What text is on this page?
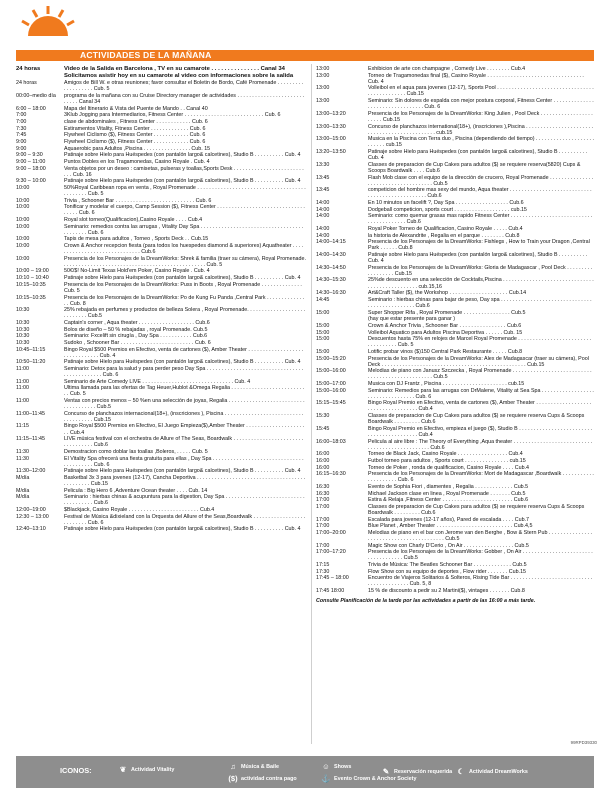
ACTIVIDADES DE LA MAÑANA
24 horas	Video de la Salida en Barcelona , TV en su camarote . . . . . . . . . . . . . . . Canal 34
Solicitamos asistir hoy en su camarote al video con informaciones sobre la salida
24 horas	Amigos de Bill W. e otras reuniones; favor consultar el Boletin de Bordo, Café Promenade . . . . . . . . . . . . . . . . . . . Cub. 5
00:00–medio día	programa de la mañana con su Cruise Directory manager de actividades . . . . . . . . . . . . . . . . . . . . . . . . . . . . Canal 34
6:00 – 18:00	Mapa del Itinerario & Vista del Puente de Mando . . Canal 40
7:00	3Klub Jogging para Intermediarios, Fitness Center . . . . . . . . . . . . . . . . . . . . . . . . . . . Cub. 6
7:00	clase de abdominales , Fitness Center . . . . . . . . . . . . Cub. 6
7:30	Estiramentos Vitality, Fitness Center . . . . . . . . . . . . . Cub. 6
7:45	Flywheel Ciclismo ($), Fitness Center . . . . . . . . . . . . Cub. 6
9:00	Flywheel Ciclismo ($), Fitness Center . . . . . . . . . . . . Cub. 6
9:00	Aquaerobic para Adultos ,Piscina . . . . . . . . . . . . . . . . Cub. 15
9:00 – 9:30	Patinaje sobre Hielo para Huéspedes (con pantalón largo& calcetines), Studio B . . . . . . . . . . Cub. 4
9:00 – 11:00	Puntos Dobles en los Tragamonedas, Casino Royale . Cub. 4
9:00 – 18:00	Venta objetos por un deseo : camisetas, pulseras y toallas,Sports Desk . . . . . . . . . . . . . . . . . . . . . . . . . . . Cub. 16
9:30 – 10:00	Patinaje sobre Hielo para Huéspedes (con pantalón largo& calcetines), Studio B . . . . . . . . . . Cub. 4
10:00	50%Royal Caribbean ropa en venta , Royal Promenade . . . . . . . . . . . . . . . . . . . . . . . . . . . . . . . . . . . . . . . . . . . . . Cub. 5
10:00	Trivia , Schooner Bar . . . . . . . . . . . . . . . . . . . . . . . . . . . Cub. 6
10:00	Tonificar y modelar el cuerpo, Camp Session ($), Fitness Center . . . . . . . . . . . . . . . . . . . . . . . . . . . . . . . . . . . Cub. 6
10:00	Royal slot torneo(Qualificacion),Casino Royale . . . . Cub.4
10:00	Seminario: remedios contra las arrugas , Vitality Day Spa . . . . . . . . . . . . . . . . . . . . . . . . . . . . . . . . . . . . . . . . . . . Cub. 6
10:00	Tapis de mesa para adultos , Torneo , Sports Deck . . Cub.15
10:00	Crown & Anchor recepcion fiesta (para todos los huespedes diamond & superiores) Aquatheater . . . . . . . . . . . . . . . . . . . . . . . . . . . . . . Cub.6
10:00	Presencia de los Personajes de la DreamWorks: Shrek & familia (traer su cámera), Royal Promenade. . . . . . . . . . . . . . . . . . . . . . . . . . . . . . . . . . . . . . . . . . . . . . . . . Cub. 5
10:00 – 19:00	50€/$! No-Limit Texas Hold'em Poker, Casino Royale . Cub. 4
10:10 – 10:40	Patinaje sobre Hielo para Huéspedes (con pantalón largo& calcetines), Studio B . . . . . . . . . . Cub. 4
10:15–10:35	Presencia de los Personajes de la DreamWorks: Puss in Boots , Royal Promenade . . . . . . . . . . . . . . Cub. 5
10:15–10:35	Presencia de los Personajes de la DreamWorks: Po de Kung Fu Panda ,Central Park . . . . . . . . . . . . . . . Cub. 8
10:30	25% rebajada en perfumes y productos de belleza Solera , Royal Promenade. . . . . . . . . . . . . . . . . . . . . . . . . . . . Cub.5
10:30	Captain's corner , Aqua theater . . . . . . . . . . . . . . . . . . . Cub.6
10:30	Bolos de diseño – 50 % rebajadas , royal Promenade. Cub.5
10:30	Seminario: Fxcelift sin cirugía , Day Spa . . . . . . . . . . . Cub.6
10:30	Sudoko , Schooner Bar . . . . . . . . . . . . . . . . . . . . . . . . . Cub. 6
10:45–11:15	Bingo Royal $500 Premios en Efectivo, venta de cartones ($), Amber Theater . . . . . . . . . . . . . . . . . . . . . . . . . . . . . . . Cub. 4
10:50–11:20	Patinaje sobre Hielo para Huéspedes (con pantalón largo& calcetines), Studio B . . . . . . . . . . Cub. 4
11:00	Seminario: Detox para la salud y para perder peso Day Spa . . . . . . . . . . . . . . . . . . . . . . . . . . . . . . . . . . . . . . . . . . . . . . Cub. 6
11:00	Seminario de Arte Comedy LIVE . . . . . . . . . . . . . . . . . . . . . . . . . . . . . . . Cub. 4
11:00	Ultima llamada para las ofertas de Tag Heuer,Hublot &Omega Regalia . . . . . . . . . . . . . . . . . . . . . . . . . . . Cub. 5
11:00	Ventas con precios menos – 50 %en una selección de joyas, Regalia . . . . . . . . . . . . . . . . . . . . . . . . . . . . . . . . . . . . . Cub.5
11:00–11:45	Concurso de planchazos internacional(18+), (inscriciones ), Piscina . . . . . . . . . . . . . . . . . . . . . . . . . . . . . . . . . . . . . Cub.15
11:15	Bingo Royal $500 Premios en Efectivo, El Juego Empieza($),Amber Theater . . . . . . . . . . . . . . . . . . . . . . Cub.4
11:15–11:45	LIVE música festival con el orchestra de Allure of The Seas, Boardwalk . . . . . . . . . . . . . . . . . . . . . . . . . . . . . . . . . . Cub.6
11:30	Demostracion como doblar las toallas ,Boleros, . . . . . Cub. 5
11:30	El Vitality Spa ofrecerá una fiesta gratuita para ellas , Day Spa . . . . . . . . . . . . . . . . . . . . . . . . . . . . . . . . . . . . . . . . . Cub. 6
11:30–12:00	Patinaje sobre Hielo para Huéspedes (con pantalón largo& calcetines), Studio B . . . . . . . . . . Cub. 4
M/día	Basketbal 3x 3 para jovenes (12-17), Cancha Deportiva . . . . . . . . . . . . . . . . . . . . . . . . . . . . . . . . . . . . . . . . . . . . . . Cub.15
M/día	Pelicula : Big Hero 6 ,Adventure Ocean theater . . . . Cub. 14
M/día	Seminario : hierbas chinas & acupuntura para la digestion, Day Spa . . . . . . . . . . . . . . . . . . . . . . . . . . . . . . . . . . . . . Cub.6
12:00–19:00	$Blackjack, Casino Royale . . . . . . . . . . . . . . . . . . . . . . . . Cub.4
12:30 – 13:00	Festival de Música &dixieland con la Orquesta del Allure of the Seas,Boardwalk . . . . . . . . . . . . . . . . . . . . . . . . . . Cub. 6
12:40–13:10	Patinaje sobre Hielo para Huéspedes (con pantalón largo& calcetines), Studio B . . . . . . . . . . Cub. 4
13:00	Exhibicion de arte con champagne , Comedy Live . . . . . . . . Cub.4
13:00	Torneo de Tragamonedas final ($), Casino Royale . . . . . . . . . . . . . . . . . . . . . . . . . . . . . . . . . Cub. 4
13:00	Volleibol en el aqua para jovenes (12-17), Sports Pool . . . . . . . . . . . . . . . . . . . . . . . . . . . . . . . . . . . . . . . . . . . . . . Cub.15
13:00	Seminario: Sin dolores de espalda con mejor postura corporal, Fitness Center . . . . . . . . . . . . . . . . . . . . . . . . . . . . . . . . . Cub. 6
13:00–13:20	Presencia de los Personajes de la DreamWorks: King Julien , Pool Deck . . . . . . . . . . . . . . . . . . . . . . . Cub.15
13:00–13:30	Concurso de planchazos international(18+), (inscriciones ),Piscina . . . . . . . . . . . . . . . . . . . . . . . . . . . . . . . . . . . . . . . . . . . . . . cub.15
13:00–15:00	Musica en la Piscina con Terra duo , Piscina (dependiendo del tiempo) . . . . . . . . . . . . . . . . . . . . . . . . . . cub.15
13:20–13:50	Patinaje sobre Hielo para Huéspedes (con pantalón largo& calcetines), Studio B . . . . . . . . . . Cub. 4
13:30	Classes de preparacion de Cup Cakes para adultos ($) se requiere reserva(5820) Cups & Scoops Boardwalk . . . . Cub.6
13:45	Flash Mob clase con el equipo de la dirección de crucero, Royal Promenade . . . . . . . . . . . . . . . . . . . . . . . . . . . . . . . . . . . . . Cub.5
13:45	competicion del hombre mas sexy del mundo, Aqua theater . . . . . . . . . . . . . . . . . . . . . . . . . . . . . . . . . . . . . . . . . . . . . . . . Cub.6
14:00	En 10 minutos un facelift ?, Day Spa . . . . . . . . . . . . . . . . . . Cub.6
14:00	Dodgeball competicion, sports court . . . . . . . . . . . . . . . . . . . cub.15
14:00	Seminario: como quemar grasas mas rapido Fitness Center . . . . . . . . . . . . . . . . . . . . . . . . . . . . . . . . . . . . . . . . . Cub.6
14:00	Royal Poker Torneo de Qualificacion, Casino Royale . . . . . Cub.4
14:00	la historia de Alexandrite , Regalia en el parque . . . . . . . . Cub.8
14:00–14:15	Presencia de los Personajes de la DreamWorks: Fishlegs , How to Train your Dragon ,Central Park . . . . . . Cub.8
14:00–14:30	Patinaje sobre Hielo para Huéspedes (con pantalón largo& calcetines), Studio B . . . . . . . . . . Cub. 4
14:30–14:50	Presencia de los Personajes de la DreamWorks: Gloria de Madagascar , Pool Deck . . . . . . . . . . . . . . . . . . Cub.15
14:30–15:30	25%de descuento en una selección de Cocktails,Piscina . . . . . . . . . . . . . . . . . . . . . . . . . . . . . . . . . . . . . . . . . . . . . . . . cub.15,16
14:30–16:30	Art&Craft Taller ($), the Workshop . . . . . . . . . . . . . . . . . . . . Cub.14
14:45	Seminario : hierbas chinas para bajar de peso, Day spa . . . . . . . . . . . . . . . . . . . . . . . . . . . . . . . . . . . . . . . . . . . . . . . Cub.6
15:00	Super Shopper Rifa , Royal Promenade . . . . . . . . . . . . . . . . Cub.5
(hay que estar presente para ganar )
15:00	Crown & Anchor Trivia , Schooner Bar . . . . . . . . . . . . . . . . Cub.6
15:00	Volleibol Aquatico para Adultos Piscina Deportiva . . . . . . Cub. 15
15:00	Descuentos hasta 75% en relojes de Marcel Royal Promenade . . . . . . . . . . . . . . . . . . . . . . . . . . . . . . . . . . . Cub. 5
15:00	Lotific probar vinos ($)150 Central Park Restaurante . . . . . Cub.8
15:00–15:20	Presencia de los Personajes de la DreamWorks: Alex de Madagascar (traer su cámera), Pool Deck . . . . . . . . . . . . . . . . . . . . . . . . . . . . . . . . . . . . . . . . . . . . . . . . . Cub.15
15:00–16:00	Melodias de piano con Janusz Szczecka , Royal Promenade . . . . . . . . . . . . . . . . . . . . . . . . . . . . . . . . . . . . . . . . . . . . . . . . . Cub.5
15:00–17:00	Musica con DJ Frantz , Piscina . . . . . . . . . . . . . . . . . . . . . . cub.15
15:00–16:00	Seminario: Remedios para las arrugas con DrMalene, Vitality at Sea Spa . . . . . . . . . . . . . . . . . . . . . . . . . . . . . . . . . . Cub. 6
15:15–15:45	Bingo Royal Premio en Efectivo, venta de cartones ($), Amber Theater . . . . . . . . . . . . . . . . . . . . . . . . . . . . . . . . . . . . Cub.4
15:30	Classes de preparacion de Cup Cakes para adultos ($) se requiere reserva Cups & Scoops Boardwalk . . . . . . . . . Cub.6
15:45	Bingo Royal Premio en Efectivo, empieza el juego ($), Studio B . . . . . . . . . . . . . . . . . . . . . . . . . . . . . . . . . . . . . . . . . . Cub.4
16:00–18:03	Pelicula al aire libre : The Theory of Everything ,Aqua theater . . . . . . . . . . . . . . . . . . . . . . . . . . . . . . . . . . . . . . . . . . . . . . . . Cub.6
16:00	Torneo de Black Jack, Casino Royale . . . . . . . . . . . . . . . . . Cub.4
16:00	Futbol torneo para adultos , Sports court . . . . . . . . . . . . . . . cub.15
16:00	Torneo de Poker , ronda de qualificacion, Casino Royale . . . . Cub.4
16:15–16:30	Presencia de los Personajes de la DreamWorks: Mort de Madagascar ,Boardwalk . . . . . . . . . . . . . . . . . . . . . Cub. 6
16:30	Evento de Sophia Fiori , diamentes , Regalia . . . . . . . . . . . . . Cub.5
16:30	Michael Jackson clase en linea , Royal Promenade . . . . . . . Cub.5
17:00	Estira & Relaja ,Fitness Center . . . . . . . . . . . . . . . . . . . . . . . . Cub.6
17:00	Classes de preparacion de Cup Cakes para adultos ($) se requiere reserva Cups & Scoops Boardwalk . . . . . . . . . Cub.6
17:00	Escalada para jovenes (12-17 años), Pared de escalada . . . . Cub.7
17:00	Blue Planet , Amber Theater . . . . . . . . . . . . . . . . . . . . . . . . . . Cub.4,5
17:00–20:00	Melodias de piano en el bar con Jerome van den Berghe , Bow & Stern Pub . . . . . . . . . . . . . . . . . . . . . . . . . . . . . . . . . . . . . . . . . Cub.5
17:00	Magic Show con Charly D'Cerio , On Air . . . . . . . . . . . . . . . . . Cub.5
17:00–17:20	Presencia de los Personajes de la DreamWorks: Gobber , On Air . . . . . . . . . . . . . . . . . . . . . . . . . . . . . . . . . . . . Cub.5
17:15	Trivia de Música: The Beatles Schooner Bar . . . . . . . . . . . . . Cub.5
17:30	Flow Show con su equipo de deportes , Flow rider . . . . . . . Cub.15
17:45 – 18:00	Encuentro de Viajeros Solitarios & Solteros, Rising Tide Bar . . . . . . . . . . . . . . . . . . . . . . . . . . . . . . . . . . . . . . . . . . Cub. 5, 8
17:45 18:00	15 % de discounto a pedir su 2 Martini($), vintages . . . . . . . Cub.8
Consulte Planificación de la tarde por las actividades a partir de las 16:00 a más tarde.
99RPD39330
ICONOS:	❦ Actividad Vitality	♫ Música & Baile
($) actividad contra pago
☺ Shows
⚓ Evento Crown & Anchor Society
✎ Reservación requerida ☾ Actividad DreamWorks
